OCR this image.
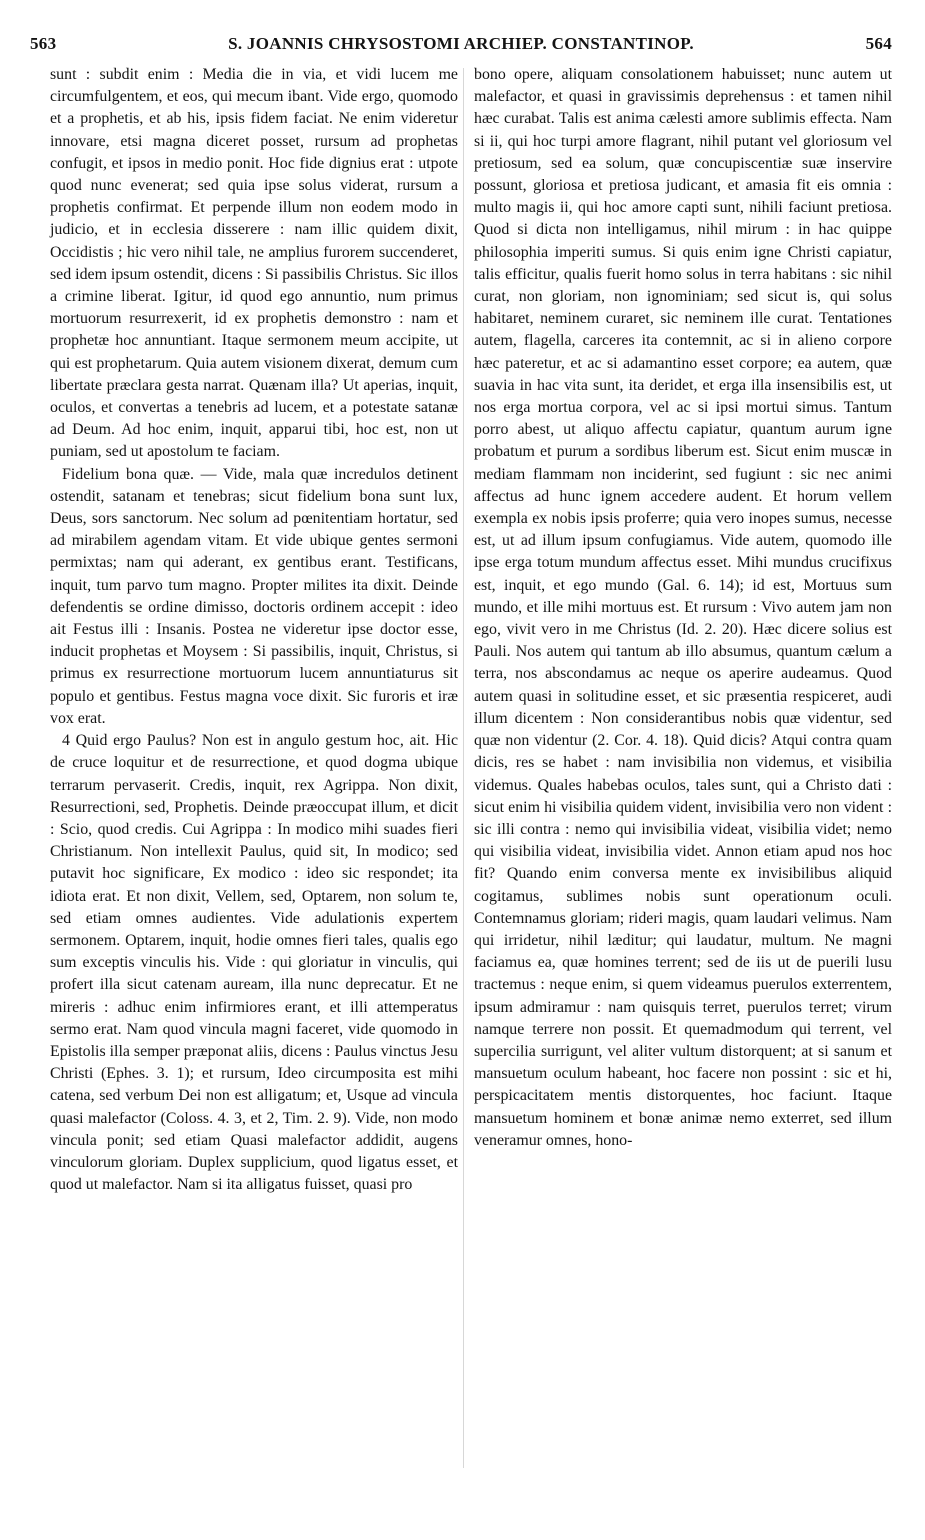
563	S. JOANNIS CHRYSOSTOMI ARCHIEP. CONSTANTINOP.	564

sunt : subdit enim : Media die in via, et vidi lucem me circumfulgentem, et eos, qui mecum ibant. Vide ergo, quomodo et a prophetis, et ab his, ipsis fidem faciat. Ne enim videretur innovare, etsi magna diceret posset, rursum ad prophetas confugit, et ipsos in medio ponit. Hoc fide dignius erat : utpote quod nunc evenerat; sed quia ipse solus viderat, rursum a prophetis confirmat. Et perpende illum non eodem modo in judicio, et in ecclesia disserere : nam illic quidem dixit, Occidistis ; hic vero nihil tale, ne amplius furorem succenderet, sed idem ipsum ostendit, dicens : Si passibilis Christus. Sic illos a crimine liberat. Igitur, id quod ego annuntio, num primus mortuorum resurrexerit, id ex prophetis demonstro : nam et prophetæ hoc annuntiant. Itaque sermonem meum accipite, ut qui est prophetarum. Quia autem visionem dixerat, demum cum libertate præclara gesta narrat. Quænam illa? Ut aperias, inquit, oculos, et convertas a tenebris ad lucem, et a potestate satanæ ad Deum. Ad hoc enim, inquit, apparui tibi, hoc est, non ut puniam, sed ut apostolum te faciam.

Fidelium bona quæ. — Vide, mala quæ incredulos detinent ostendit, satanam et tenebras; sicut fidelium bona sunt lux, Deus, sors sanctorum. Nec solum ad pœnitentiam hortatur, sed ad mirabilem agendam vitam. Et vide ubique gentes sermoni permixtas; nam qui aderant, ex gentibus erant. Testificans, inquit, tum parvo tum magno. Propter milites ita dixit. Deinde defendentis se ordine dimisso, doctoris ordinem accepit : ideo ait Festus illi : Insanis. Postea ne videretur ipse doctor esse, inducit prophetas et Moysem : Si passibilis, inquit, Christus, si primus ex resurrectione mortuorum lucem annuntiaturus sit populo et gentibus. Festus magna voce dixit. Sic furoris et iræ vox erat.

4 Quid ergo Paulus? Non est in angulo gestum hoc, ait. Hic de cruce loquitur et de resurrectione, et quod dogma ubique terrarum pervaserit. Credis, inquit, rex Agrippa. Non dixit, Resurrectioni, sed, Prophetis. Deinde præoccupat illum, et dicit : Scio, quod credis. Cui Agrippa : In modico mihi suades fieri Christianum. Non intellexit Paulus, quid sit, In modico; sed putavit hoc significare, Ex modico : ideo sic respondet; ita idiota erat. Et non dixit, Vellem, sed, Optarem, non solum te, sed etiam omnes audientes. Vide adulationis expertem sermonem. Optarem, inquit, hodie omnes fieri tales, qualis ego sum exceptis vinculis his. Vide : qui gloriatur in vinculis, qui profert illa sicut catenam auream, illa nunc deprecatur. Et ne mireris : adhuc enim infirmiores erant, et illi attemperatus sermo erat. Nam quod vincula magni faceret, vide quomodo in Epistolis illa semper præponat aliis, dicens : Paulus vinctus Jesu Christi (Ephes. 3. 1); et rursum, Ideo circumposita est mihi catena, sed verbum Dei non est alligatum; et, Usque ad vincula quasi malefactor (Coloss. 4. 3, et 2, Tim. 2. 9). Vide, non modo vincula ponit; sed etiam Quasi malefactor addidit, augens vinculorum gloriam. Duplex supplicium, quod ligatus esset, et quod ut malefactor. Nam si ita alligatus fuisset, quasi pro

bono opere, aliquam consolationem habuisset; nunc autem ut malefactor, et quasi in gravissimis deprehensus : et tamen nihil hæc curabat. Talis est anima cælesti amore sublimis effecta. Nam si ii, qui hoc turpi amore flagrant, nihil putant vel gloriosum vel pretiosum, sed ea solum, quæ concupiscentiæ suæ inservire possunt, gloriosa et pretiosa judicant, et amasia fit eis omnia : multo magis ii, qui hoc amore capti sunt, nihili faciunt pretiosa. Quod si dicta non intelligamus, nihil mirum : in hac quippe philosophia imperiti sumus. Si quis enim igne Christi capiatur, talis efficitur, qualis fuerit homo solus in terra habitans : sic nihil curat, non gloriam, non ignominiam; sed sicut is, qui solus habitaret, neminem curaret, sic neminem ille curat. Tentationes autem, flagella, carceres ita contemnit, ac si in alieno corpore hæc pateretur, et ac si adamantino esset corpore; ea autem, quæ suavia in hac vita sunt, ita deridet, et erga illa insensibilis est, ut nos erga mortua corpora, vel ac si ipsi mortui simus. Tantum porro abest, ut aliquo affectu capiatur, quantum aurum igne probatum et purum a sordibus liberum est. Sicut enim muscæ in mediam flammam non inciderint, sed fugiunt : sic nec animi affectus ad hunc ignem accedere audent. Et horum vellem exempla ex nobis ipsis proferre; quia vero inopes sumus, necesse est, ut ad illum ipsum confugiamus. Vide autem, quomodo ille ipse erga totum mundum affectus esset. Mihi mundus crucifixus est, inquit, et ego mundo (Gal. 6. 14); id est, Mortuus sum mundo, et ille mihi mortuus est. Et rursum : Vivo autem jam non ego, vivit vero in me Christus (Id. 2. 20). Hæc dicere solius est Pauli. Nos autem qui tantum ab illo absumus, quantum cælum a terra, nos abscondamus ac neque os aperire audeamus. Quod autem quasi in solitudine esset, et sic præsentia respiceret, audi illum dicentem : Non considerantibus nobis quæ videntur, sed quæ non videntur (2. Cor. 4. 18). Quid dicis? Atqui contra quam dicis, res se habet : nam invisibilia non videmus, et visibilia videmus. Quales habebas oculos, tales sunt, qui a Christo dati : sicut enim hi visibilia quidem vident, invisibilia vero non vident : sic illi contra : nemo qui invisibilia videat, visibilia videt; nemo qui visibilia videat, invisibilia videt. Annon etiam apud nos hoc fit? Quando enim conversa mente ex invisibilibus aliquid cogitamus, sublimes nobis sunt operationum oculi. Contemnamus gloriam; rideri magis, quam laudari velimus. Nam qui irridetur, nihil læditur; qui laudatur, multum. Ne magni faciamus ea, quæ homines terrent; sed de iis ut de puerili lusu tractemus : neque enim, si quem videamus puerulos exterrentem, ipsum admiramur : nam quisquis terret, puerulos terret; virum namque terrere non possit. Et quemadmodum qui terrent, vel supercilia surrigunt, vel aliter vultum distorquent; at si sanum et mansuetum oculum habeant, hoc facere non possint : sic et hi, perspicacitatem mentis distorquentes, hoc faciunt. Itaque mansuetum hominem et bonæ animæ nemo exterret, sed illum veneramur omnes, hono-
